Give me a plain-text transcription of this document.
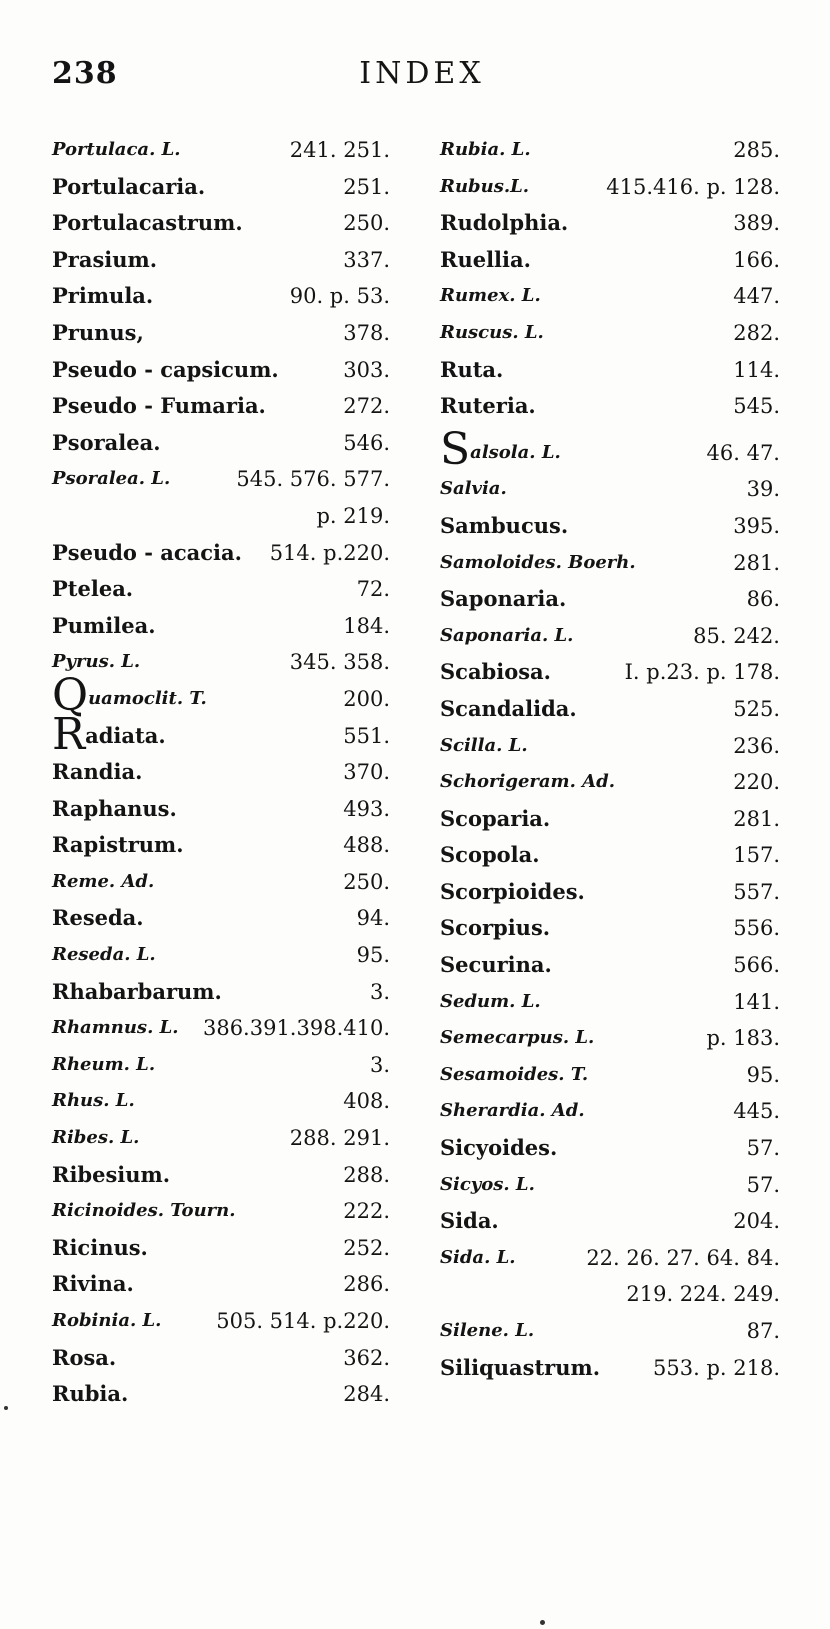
238	INDEX
Portulaca. L.	241. 251.
Portulacaria.	251.
Portulacastrum.	250.
Prasium.	337.
Primula.	90. p. 53.
Prunus,	378.
Pseudo - capsicum.	303.
Pseudo - Fumaria.	272.
Psoralea.	546.
Psoralea. L.	545. 576. 577.
p. 219.
Pseudo - acacia. 514. p.220.
Ptelea.	72.
Pumilea.	184.
Pyrus. L.	345. 358.
Quamoclit. T.	200.
Radiata.	551.
Randia.	370.
Raphanus.	493.
Rapistrum.	488.
Reme. Ad.	250.
Reseda.	94.
Reseda. L.	95.
Rhabarbarum.	3.
Rhamnus. L. 386.391.398.410.
Rheum. L.	3.
Rhus. L.	408.
Ribes. L.	288. 291.
Ribesium.	288.
Ricinoides. Tourn.	222.
Ricinus.	252.
Rivina.	286.
Robinia. L.	505. 514. p.220.
Rosa.	362.
Rubia.	284.
Rubia. L.	285.
Rubus.L.	415.416. p. 128.
Rudolphia.	389.
Ruellia.	166.
Rumex. L.	447.
Ruscus. L.	282.
Ruta.	114.
Ruteria.	545.
Salsola. L.	46. 47.
Salvia.	39.
Sambucus.	395.
Samoloides. Boerh.	281.
Saponaria.	86.
Saponaria. L.	85. 242.
Scabiosa.	I. p.23. p. 178.
Scandalida.	525.
Scilla. L.	236.
Schorigeram. Ad.	220.
Scoparia.	281.
Scopola.	157.
Scorpioides.	557.
Scorpius.	556.
Securina.	566.
Sedum. L.	141.
Semecarpus. L.	p. 183.
Sesamoides. T.	95.
Sherardia. Ad.	445.
Sicyoides.	57.
Sicyos. L.	57.
Sida.	204.
Sida. L.	22. 26. 27. 64. 84.
219. 224. 249.
Silene. L.	87.
Siliquastrum.	553. p. 218.
